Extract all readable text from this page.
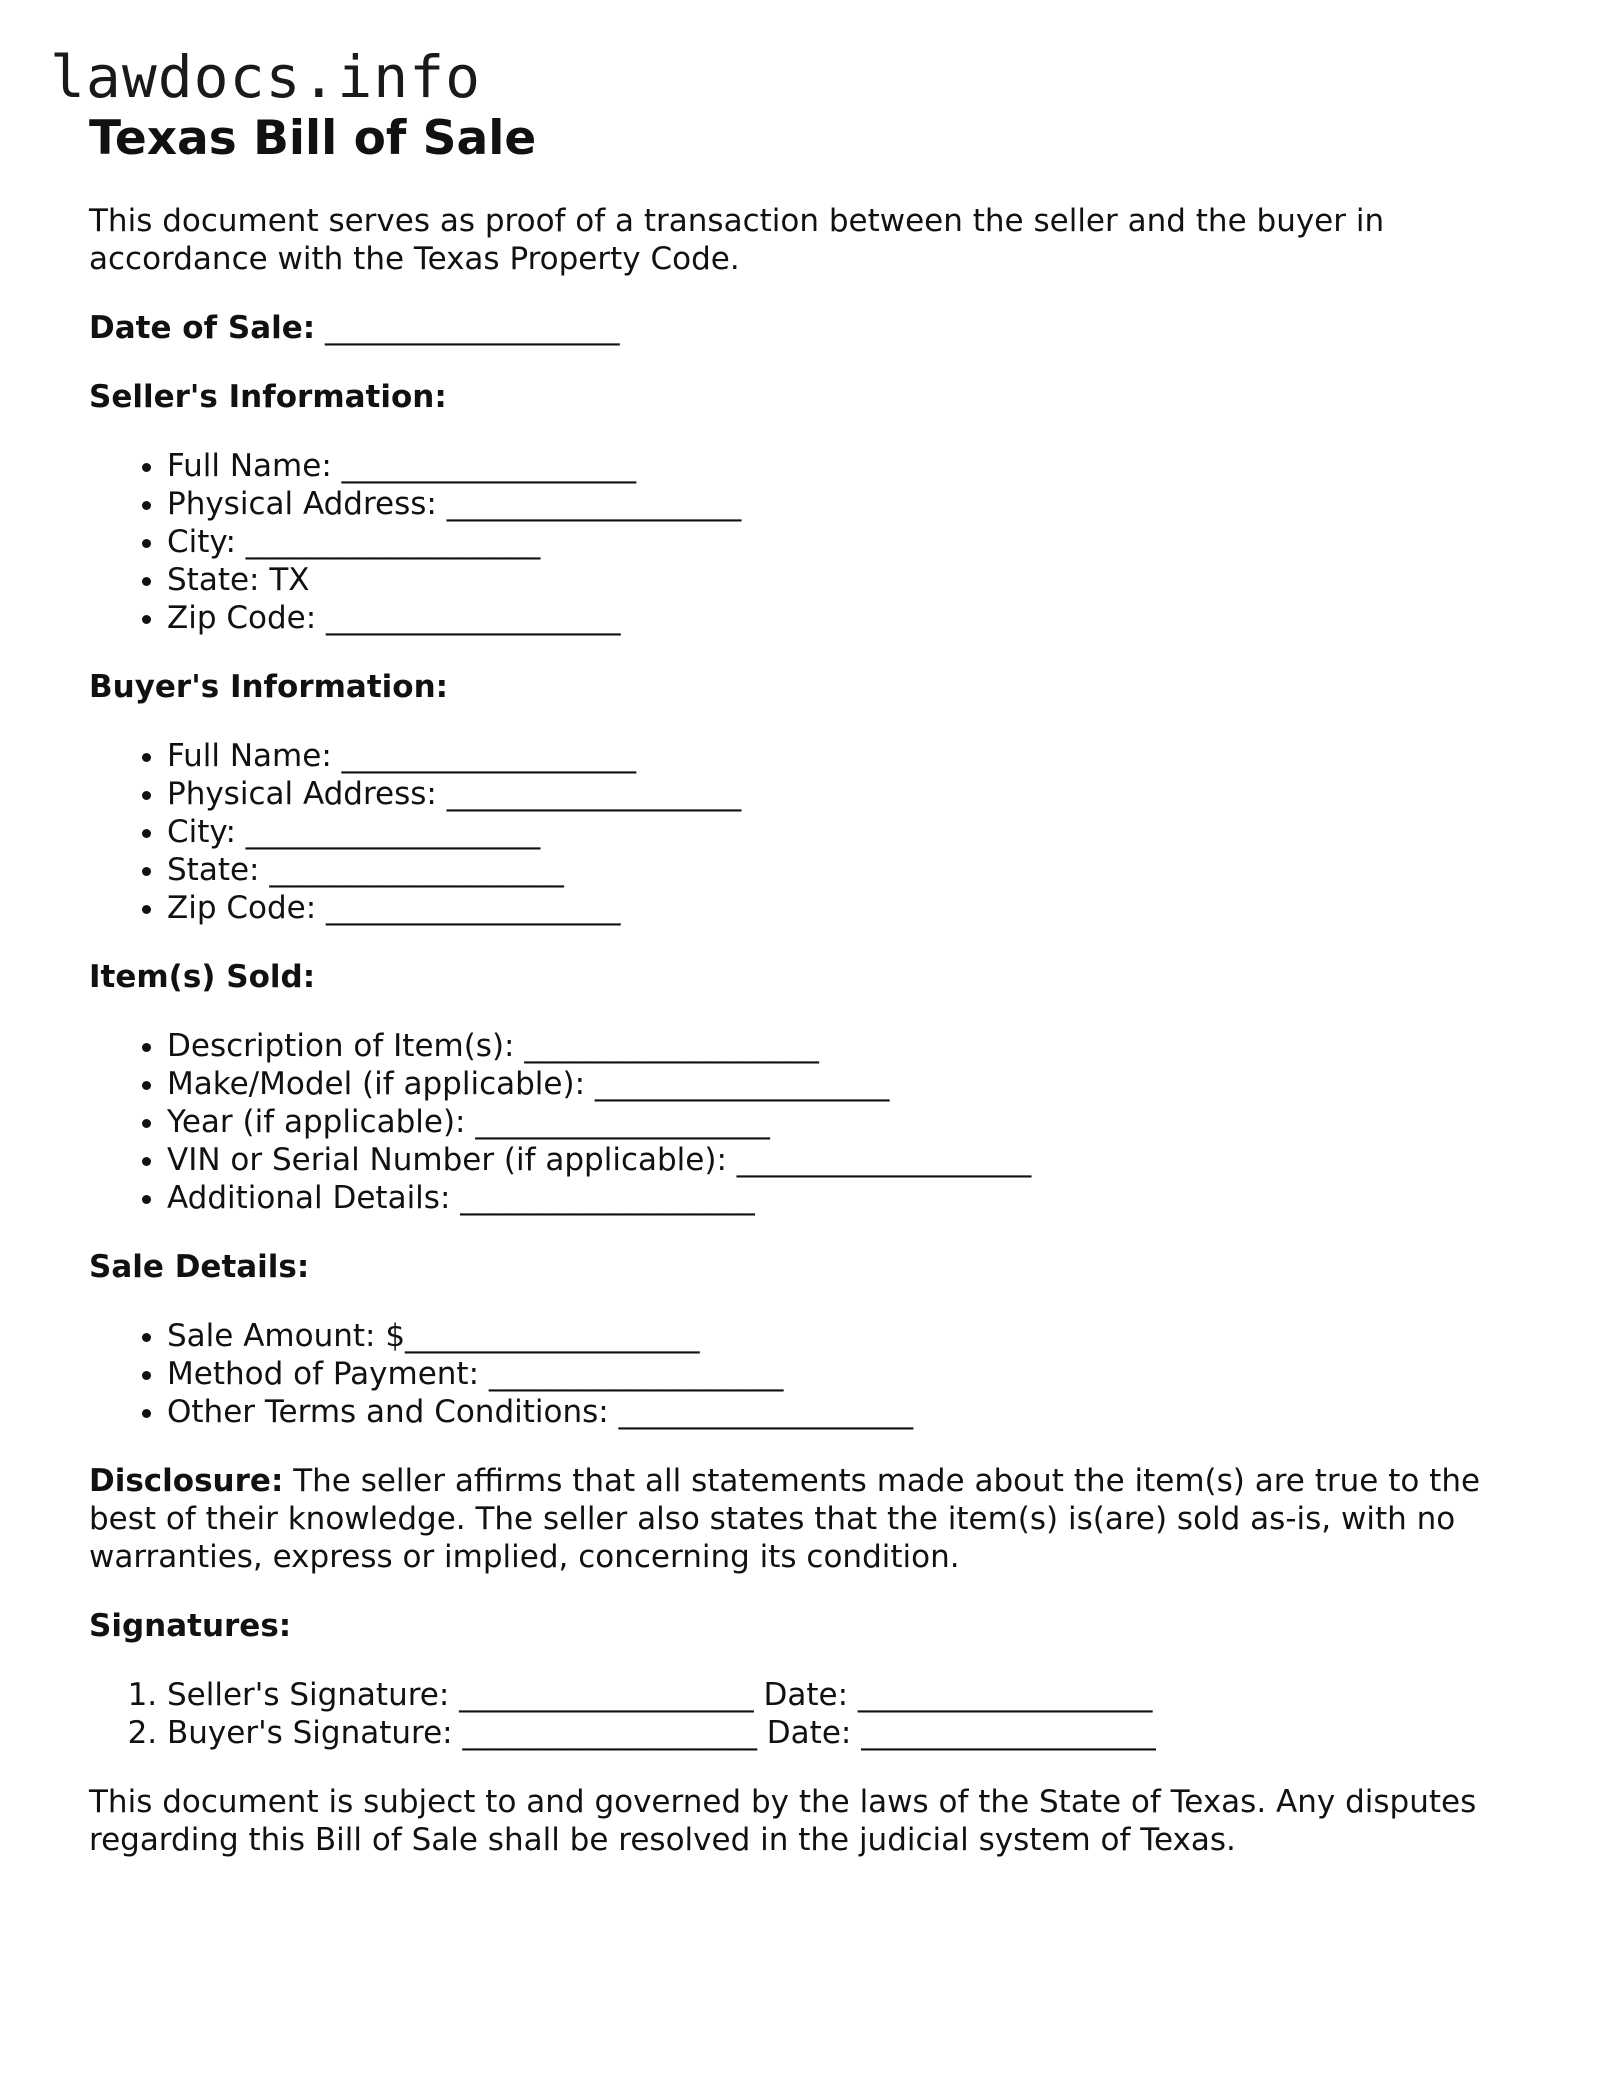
lawdocs.info
Texas Bill of Sale

This document serves as proof of a transaction between the seller and the buyer in accordance with the Texas Property Code.

Date of Sale: ___________________

Seller's Information:
• Full Name: ___________________
• Physical Address: ___________________
• City: ___________________
• State: TX
• Zip Code: ___________________
Buyer's Information:
• Full Name: ___________________
• Physical Address: ___________________
• City: ___________________
• State: ___________________
• Zip Code: ___________________
Item(s) Sold:
• Description of Item(s): ___________________
• Make/Model (if applicable): ___________________
• Year (if applicable): ___________________
• VIN or Serial Number (if applicable): ___________________
• Additional Details: ___________________
Sale Details:
• Sale Amount: $___________________
• Method of Payment: ___________________
• Other Terms and Conditions: ___________________

Disclosure: The seller affirms that all statements made about the item(s) are true to the best of their knowledge. The seller also states that the item(s) is(are) sold as-is, with no warranties, express or implied, concerning its condition.

Signatures:
1. Seller's Signature: ___________________ Date: ___________________
2. Buyer's Signature: ___________________ Date: ___________________

This document is subject to and governed by the laws of the State of Texas. Any disputes regarding this Bill of Sale shall be resolved in the judicial system of Texas.
